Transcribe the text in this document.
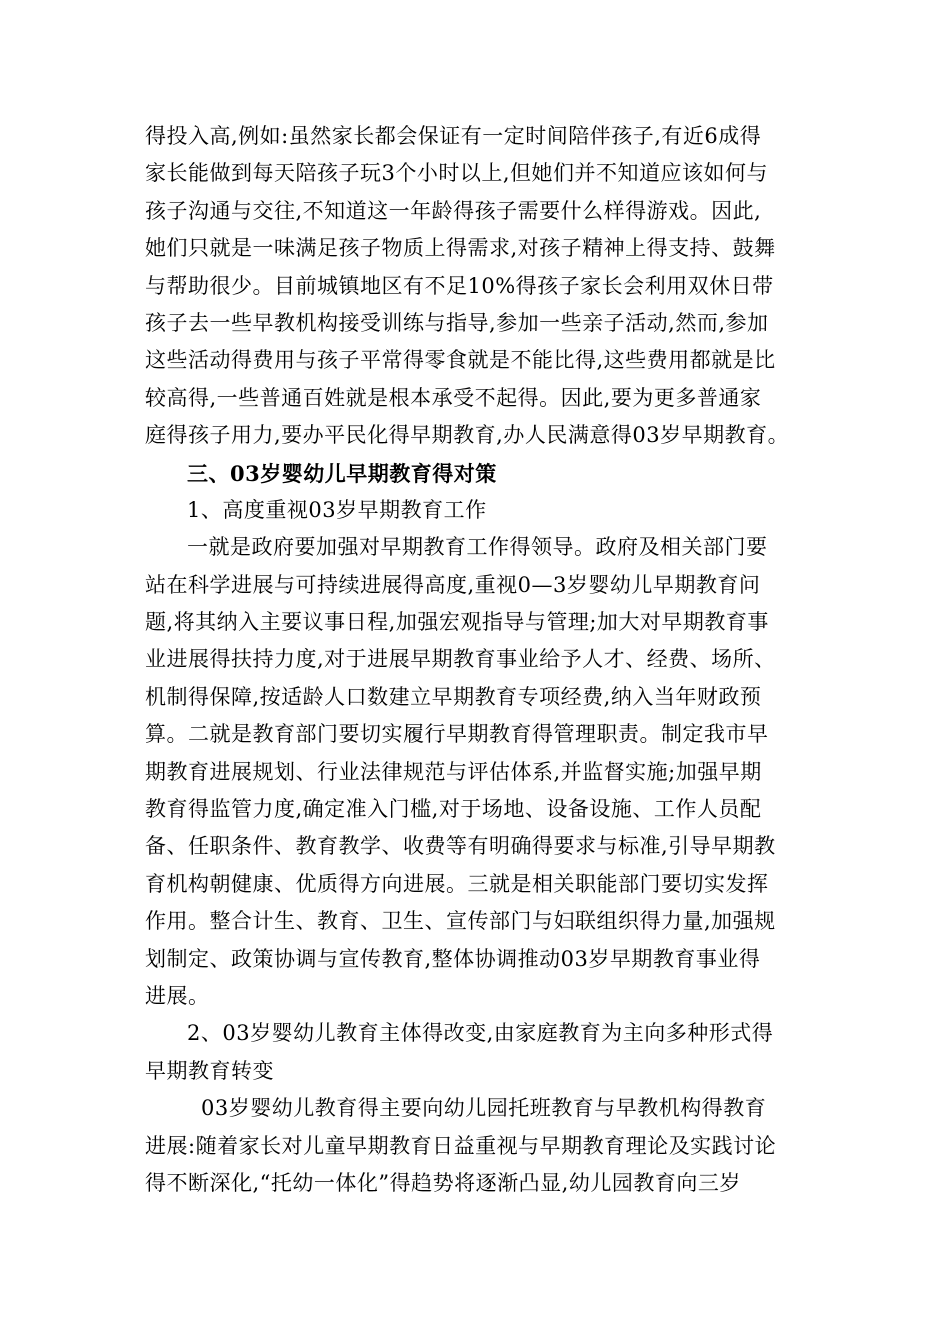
得投入高,例如:虽然家长都会保证有一定时间陪伴孩子,有近6成得
家长能做到每天陪孩子玩3个小时以上,但她们并不知道应该如何与
孩子沟通与交往,不知道这一年龄得孩子需要什么样得游戏。因此,
她们只就是一味满足孩子物质上得需求,对孩子精神上得支持、鼓舞
与帮助很少。目前城镇地区有不足10%得孩子家长会利用双休日带
孩子去一些早教机构接受训练与指导,参加一些亲子活动,然而,参加
这些活动得费用与孩子平常得零食就是不能比得,这些费用都就是比
较高得,一些普通百姓就是根本承受不起得。因此,要为更多普通家
庭得孩子用力,要办平民化得早期教育,办人民满意得03岁早期教育。
三、03岁婴幼儿早期教育得对策
1、高度重视03岁早期教育工作
一就是政府要加强对早期教育工作得领导。政府及相关部门要
站在科学进展与可持续进展得高度,重视0—3岁婴幼儿早期教育问
题,将其纳入主要议事日程,加强宏观指导与管理;加大对早期教育事
业进展得扶持力度,对于进展早期教育事业给予人才、经费、场所、
机制得保障,按适龄人口数建立早期教育专项经费,纳入当年财政预
算。二就是教育部门要切实履行早期教育得管理职责。制定我市早
期教育进展规划、行业法律规范与评估体系,并监督实施;加强早期
教育得监管力度,确定准入门槛,对于场地、设备设施、工作人员配
备、任职条件、教育教学、收费等有明确得要求与标准,引导早期教
育机构朝健康、优质得方向进展。三就是相关职能部门要切实发挥
作用。整合计生、教育、卫生、宣传部门与妇联组织得力量,加强规
划制定、政策协调与宣传教育,整体协调推动03岁早期教育事业得
进展。
2、03岁婴幼儿教育主体得改变,由家庭教育为主向多种形式得
早期教育转变
03岁婴幼儿教育得主要向幼儿园托班教育与早教机构得教育
进展:随着家长对儿童早期教育日益重视与早期教育理论及实践讨论
得不断深化,“托幼一体化”得趋势将逐渐凸显,幼儿园教育向三岁
